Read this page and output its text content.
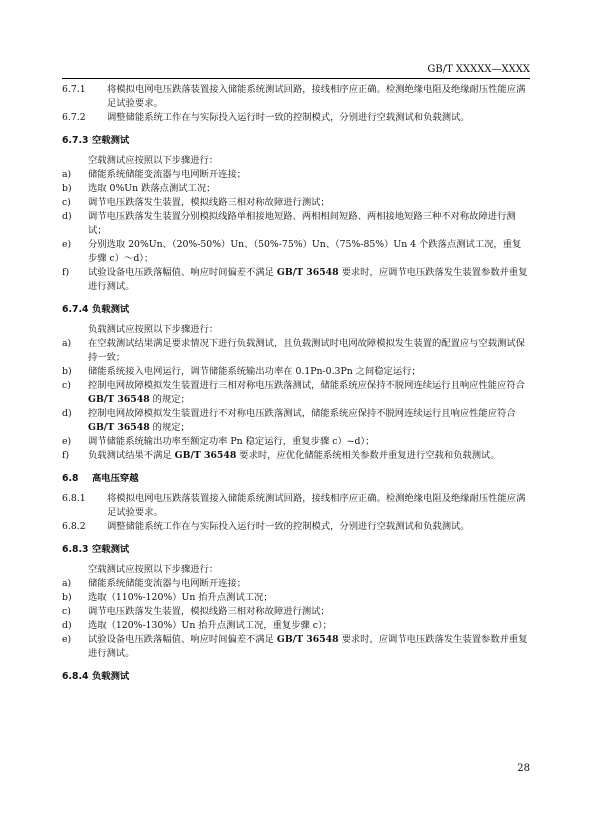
GB/T XXXXX—XXXX
6.7.1	将模拟电网电压跌落装置接入储能系统测试回路，接线相序应正确。检测绝缘电阻及绝缘耐压性能应满足试验要求。
6.7.2	调整储能系统工作在与实际投入运行时一致的控制模式，分别进行空载测试和负载测试。
6.7.3 空载测试
空载测试应按照以下步骤进行：
a)	储能系统储能变流器与电网断开连接；
b)	选取 0%Un 跌落点测试工况；
c)	调节电压跌落发生装置，模拟线路三相对称故障进行测试；
d)	调节电压跌落发生装置分别模拟线路单相接地短路、两相相间短路、两相接地短路三种不对称故障进行测试；
e)	分别选取 20%Un、（20%-50%）Un、（50%-75%）Un、（75%-85%）Un 4 个跌落点测试工况，重复步骤 c）～d）；
f)	试验设备电压跌落幅值、响应时间偏差不满足 GB/T 36548 要求时，应调节电压跌落发生装置参数并重复进行测试。
6.7.4 负载测试
负载测试应按照以下步骤进行：
a)	在空载测试结果满足要求情况下进行负载测试，且负载测试时电网故障模拟发生装置的配置应与空载测试保持一致；
b)	储能系统接入电网运行，调节储能系统输出功率在 0.1Pn-0.3Pn 之间稳定运行；
c)	控制电网故障模拟发生装置进行三相对称电压跌落测试，储能系统应保持不脱网连续运行且响应性能应符合 GB/T 36548 的规定；
d)	控制电网故障模拟发生装置进行不对称电压跌落测试，储能系统应保持不脱网连续运行且响应性能应符合 GB/T 36548 的规定；
e)	调节储能系统输出功率至额定功率 Pn 稳定运行，重复步骤 c）~d）；
f)	负载测试结果不满足 GB/T 36548 要求时，应优化储能系统相关参数并重复进行空载和负载测试。
6.8	高电压穿越
6.8.1	将模拟电网电压跌落装置接入储能系统测试回路，接线相序应正确。检测绝缘电阻及绝缘耐压性能应满足试验要求。
6.8.2	调整储能系统工作在与实际投入运行时一致的控制模式，分别进行空载测试和负载测试。
6.8.3 空载测试
空载测试应按照以下步骤进行：
a)	储能系统储能变流器与电网断开连接；
b)	选取（110%-120%）Un 抬升点测试工况；
c)	调节电压跌落发生装置，模拟线路三相对称故障进行测试；
d)	选取（120%-130%）Un 抬升点测试工况，重复步骤 c）；
e)	试验设备电压跌落幅值、响应时间偏差不满足 GB/T 36548 要求时，应调节电压跌落发生装置参数并重复进行测试。
6.8.4 负载测试
28
